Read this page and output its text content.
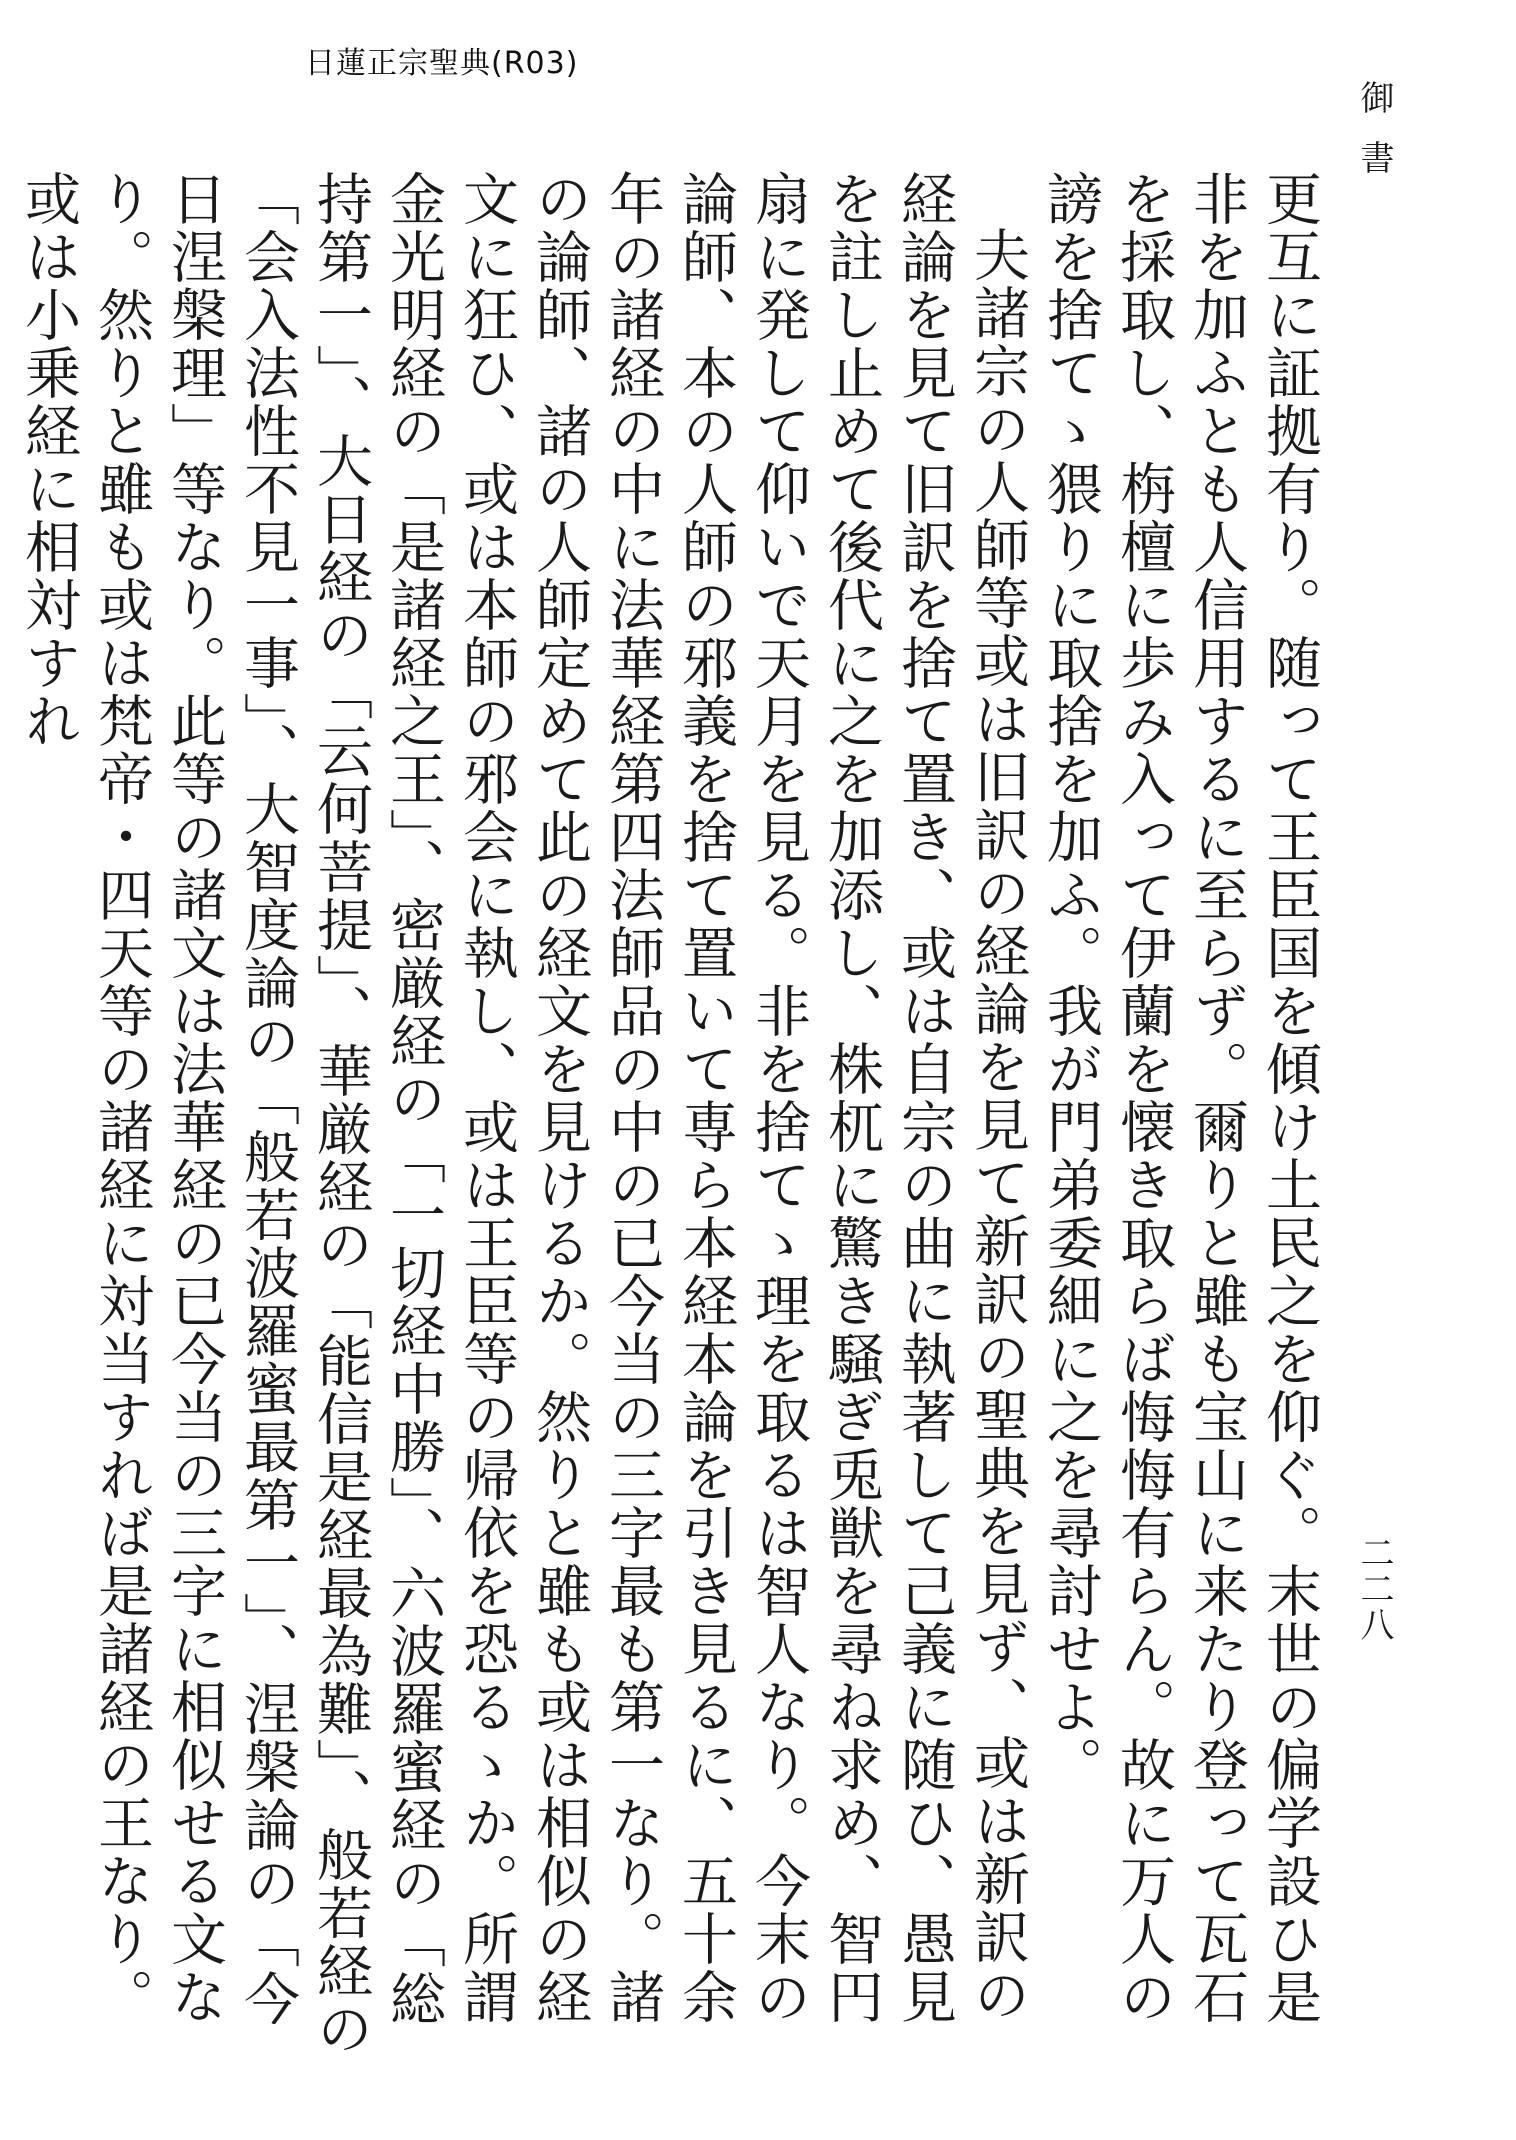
日蓮正宗聖典(R03)
御書

更互に証拠有り。随って王臣国を傾け土民之を仰ぐ。末世の偏学設ひ是非を加ふとも人信用するに至らず。爾りと雖も宝山に来たり登って瓦石を採取し、栴檀に歩み入って伊蘭を懐き取らば悔悔有らん。故に万人の謗を捨てゝ猥りに取捨を加ふ。我が門弟委細に之を尋討せよ。

夫諸宗の人師等或は旧訳の経論を見て新訳の聖典を見ず、或は新訳の経論を見て旧訳を捨て置き、或は自宗の曲に執著して己義に随ひ、愚見を註し止めて後代に之を加添し、株杌に驚き騒ぎ兎獣を尋ね求め、智円扇に発して仰いで天月を見る。非を捨てゝ理を取るは智人なり。今末の論師、本の人師の邪義を捨て置いて専ら本経本論を引き見るに、五十余年の諸経の中に法華経第四法師品の中の已今当の三字最も第一なり。諸の論師、諸の人師定めて此の経文を見けるか。然りと雖も或は相似の経文に狂ひ、或は本師の邪会に執し、或は王臣等の帰依を恐るゝか。所謂金光明経の「是諸経之王」、密厳経の「一切経中勝」、六波羅蜜経の「総持第一」、大日経の「云何菩提」、華厳経の「能信是経最為難」、般若経の「会入法性不見一事」、大智度論の「般若波羅蜜最第一」、涅槃論の「今日涅槃理」等なり。此等の諸文は法華経の已今当の三字に相似せる文なり。然りと雖も或は梵帝・四天等の諸経に対当すれば是諸経の王なり。或は小乗経に相対すれ

二二八
